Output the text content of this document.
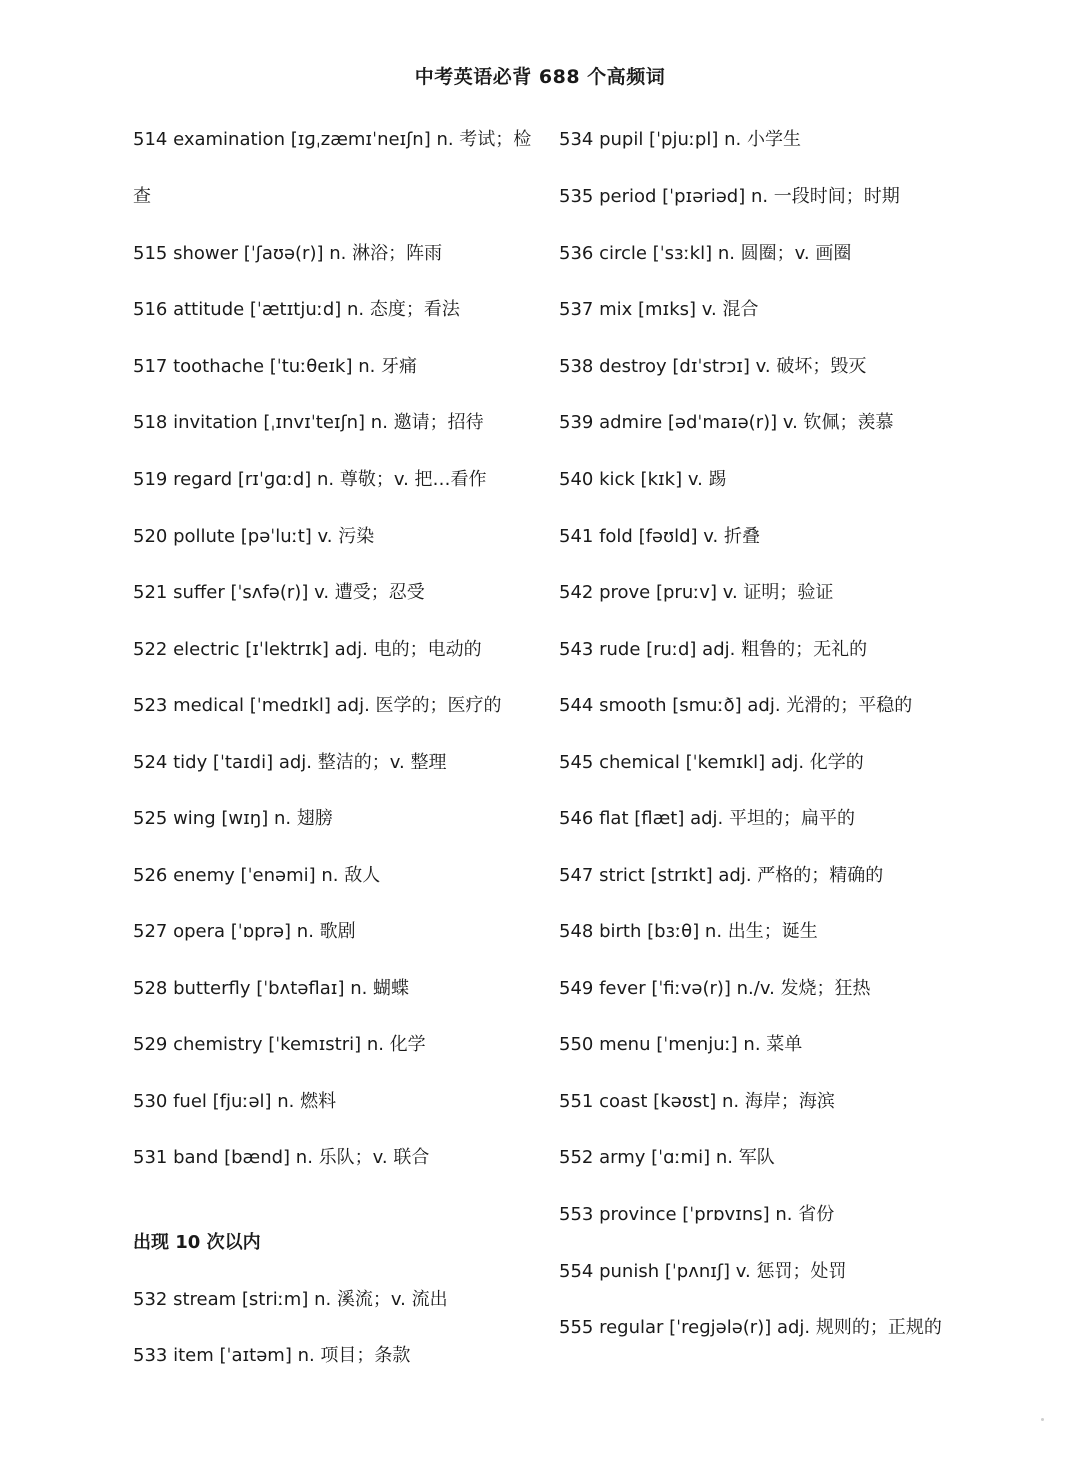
中考英语必背 688 个高频词
514 examination [ɪɡˌzæmɪˈneɪʃn] n. 考试；检
查
515 shower [ˈʃaʊə(r)] n. 淋浴；阵雨
516 attitude [ˈætɪtjuːd] n. 态度；看法
517 toothache [ˈtuːθeɪk] n. 牙痛
518 invitation [ˌɪnvɪˈteɪʃn] n. 邀请；招待
519 regard [rɪˈɡɑːd] n. 尊敬；v. 把…看作
520 pollute [pəˈluːt] v. 污染
521 suffer [ˈsʌfə(r)] v. 遭受；忍受
522 electric [ɪˈlektrɪk] adj. 电的；电动的
523 medical [ˈmedɪkl] adj. 医学的；医疗的
524 tidy [ˈtaɪdi] adj. 整洁的；v. 整理
525 wing [wɪŋ] n. 翅膀
526 enemy [ˈenəmi] n. 敌人
527 opera [ˈɒprə] n. 歌剧
528 butterfly [ˈbʌtəflaɪ] n. 蝴蝶
529 chemistry [ˈkemɪstri] n. 化学
530 fuel [fjuːəl] n. 燃料
531 band [bænd] n. 乐队；v. 联合
出现 10 次以内
532 stream [striːm] n. 溪流；v. 流出
533 item [ˈaɪtəm] n. 项目；条款
534 pupil [ˈpjuːpl] n. 小学生
535 period [ˈpɪəriəd] n. 一段时间；时期
536 circle [ˈsɜːkl] n. 圆圈；v. 画圈
537 mix [mɪks] v. 混合
538 destroy [dɪˈstrɔɪ] v. 破坏；毁灭
539 admire [ədˈmaɪə(r)] v. 钦佩；羡慕
540 kick [kɪk] v. 踢
541 fold [fəʊld] v. 折叠
542 prove [pruːv] v. 证明；验证
543 rude [ruːd] adj. 粗鲁的；无礼的
544 smooth [smuːð] adj. 光滑的；平稳的
545 chemical [ˈkemɪkl] adj. 化学的
546 flat [flæt] adj. 平坦的；扁平的
547 strict [strɪkt] adj. 严格的；精确的
548 birth [bɜːθ] n. 出生；诞生
549 fever [ˈfiːvə(r)] n./v. 发烧；狂热
550 menu [ˈmenjuː] n. 菜单
551 coast [kəʊst] n. 海岸；海滨
552 army [ˈɑːmi] n. 军队
553 province [ˈprɒvɪns] n. 省份
554 punish [ˈpʌnɪʃ] v. 惩罚；处罚
555 regular [ˈreɡjələ(r)] adj. 规则的；正规的
